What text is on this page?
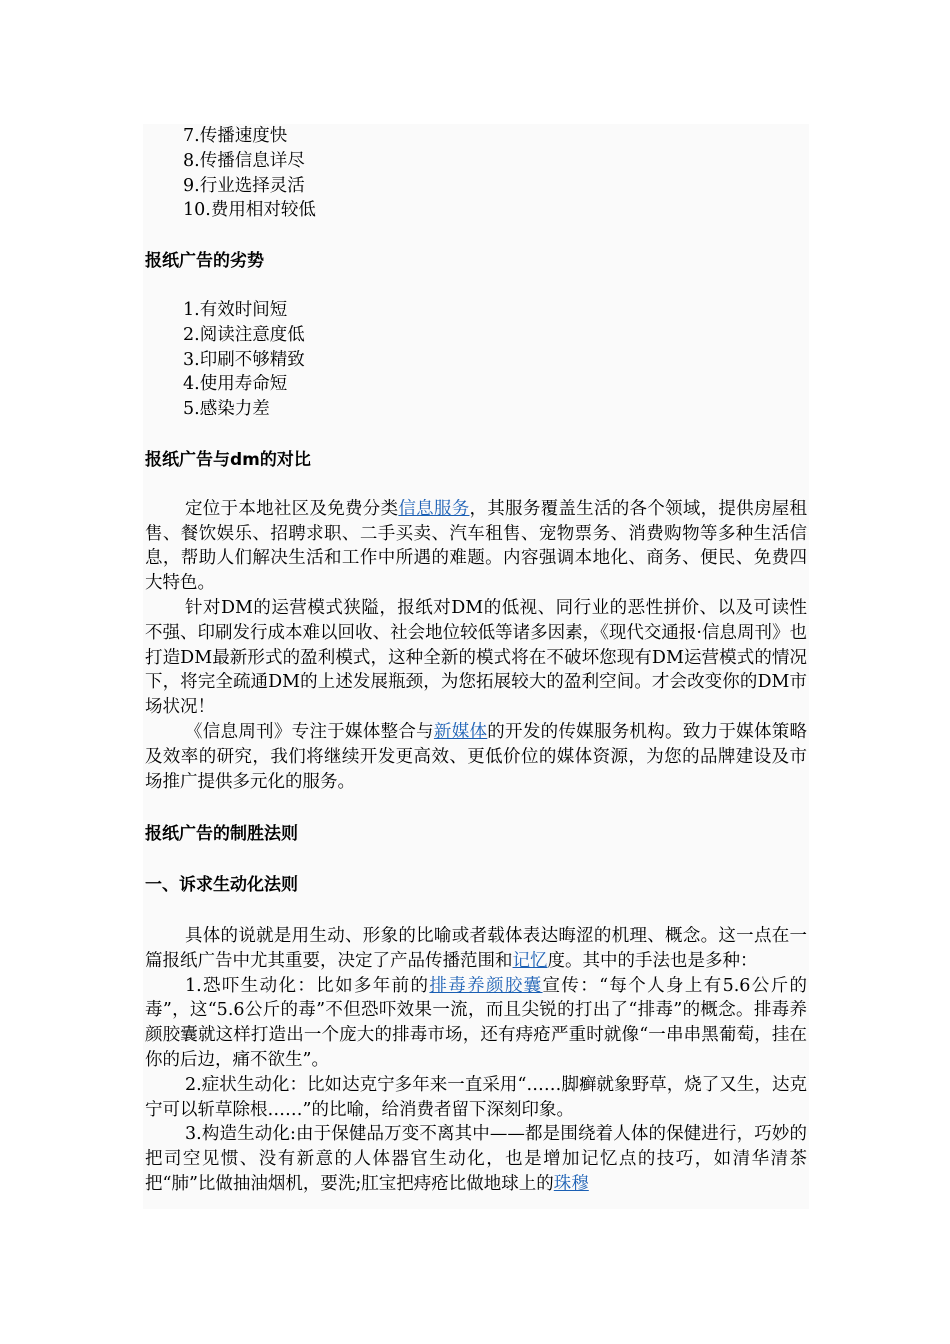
7.传播速度快

8.传播信息详尽

9.行业选择灵活

10.费用相对较低

报纸广告的劣势

1.有效时间短

2.阅读注意度低

3.印刷不够精致

4.使用寿命短

5.感染力差

报纸广告与dm的对比

定位于本地社区及免费分类信息服务，其服务覆盖生活的各个领域，提供房屋租售、餐饮娱乐、招聘求职、二手买卖、汽车租售、宠物票务、消费购物等多种生活信息，帮助人们解决生活和工作中所遇的难题。内容强调本地化、商务、便民、免费四大特色。

针对DM的运营模式狭隘，报纸对DM的低视、同行业的恶性拼价、以及可读性不强、印刷发行成本难以回收、社会地位较低等诸多因素，《现代交通报·信息周刊》也打造DM最新形式的盈利模式，这种全新的模式将在不破坏您现有DM运营模式的情况下，将完全疏通DM的上述发展瓶颈，为您拓展较大的盈利空间。才会改变你的DM市场状况！

《信息周刊》专注于媒体整合与新媒体的开发的传媒服务机构。致力于媒体策略及效率的研究，我们将继续开发更高效、更低价位的媒体资源，为您的品牌建设及市场推广提供多元化的服务。

报纸广告的制胜法则
一、诉求生动化法则

具体的说就是用生动、形象的比喻或者载体表达晦涩的机理、概念。这一点在一篇报纸广告中尤其重要，决定了产品传播范围和记忆度。其中的手法也是多种：

1.恐吓生动化：比如多年前的排毒养颜胶囊宣传：“每个人身上有5.6公斤的毒”，这“5.6公斤的毒”不但恐吓效果一流，而且尖锐的打出了“排毒”的概念。排毒养颜胶囊就这样打造出一个庞大的排毒市场，还有痔疮严重时就像“一串串黑葡萄，挂在你的后边，痛不欲生”。

2.症状生动化：比如达克宁多年来一直采用“……脚癣就象野草，烧了又生，达克宁可以斩草除根……”的比喻，给消费者留下深刻印象。

3.构造生动化:由于保健品万变不离其中——都是围绕着人体的保健进行，巧妙的把司空见惯、没有新意的人体器官生动化，也是增加记忆点的技巧，如清华清茶把“肺”比做抽油烟机，要洗;肛宝把痔疮比做地球上的珠穆
